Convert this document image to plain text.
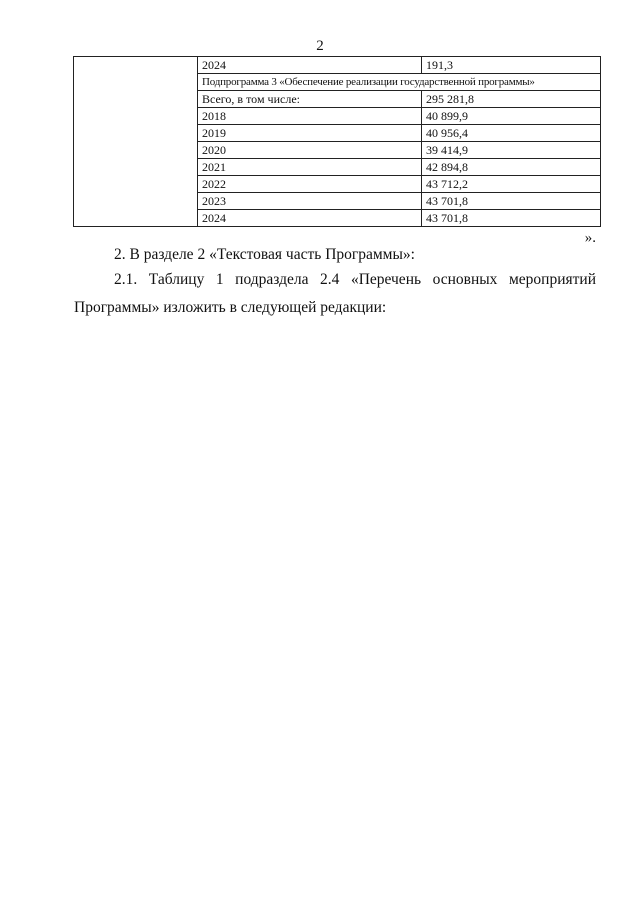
2
	2024	191,3
	Подпрограмма 3 «Обеспечение реализации государственной программы»	
	Всего, в том числе:	295 281,8
	2018	40 899,9
	2019	40 956,4
	2020	39 414,9
	2021	42 894,8
	2022	43 712,2
	2023	43 701,8
	2024	43 701,8
».

2. В разделе 2 «Текстовая часть Программы»:

2.1. Таблицу 1 подраздела 2.4 «Перечень основных мероприятий Программы» изложить в следующей редакции:
